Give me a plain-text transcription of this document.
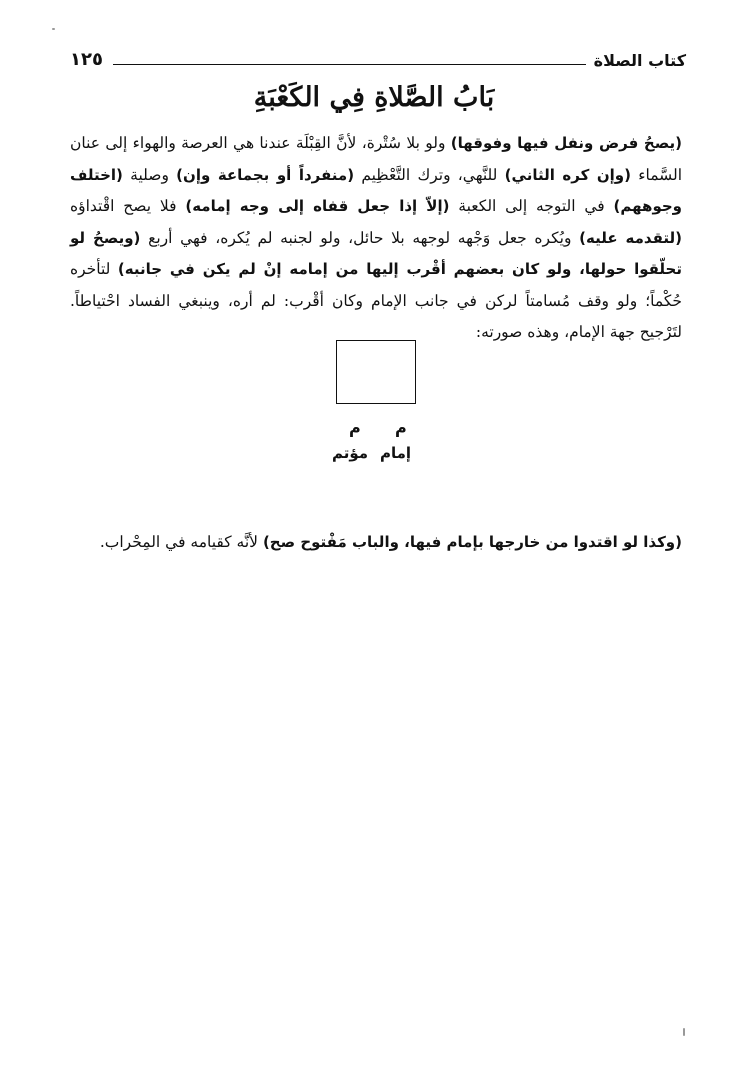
كتاب الصلاة
١٢٥
بَابُ الصَّلاةِ فِي الكَعْبَةِ
(يصحُ فرض ونفل فيها وفوقها) ولو بلا سُتْرة، لأنَّ القِبْلَة عندنا هي العرصة والهواء إلى عنان السَّماء (وإن كره الثاني) للنَّهي، وترك التَّعْظِيم (منفرداً أو بجماعة وإن) وصلية (اختلف وجوههم) في التوجه إلى الكعبة (إلاّ إذا جعل قفاه إلى وجه إمامه) فلا يصح اقْتداؤه (لتقدمه عليه) ويُكره جعل وَجْهه لوجهه بلا حائل، ولو لجنبه لم يُكره، فهي أربع (ويصحُ لو تحلّقوا حولها، ولو كان بعضهم أقْرب إليها من إمامه إنْ لم يكن في جانبه) لتأخره حُكْماً؛ ولو وقف مُسامتاً لركن في جانب الإمام وكان أقْرب: لم أره، وينبغي الفساد احْتياطاً. لتَرْجيح جهة الإمام، وهذه صورته:
م
م
إمام
مؤتم
(وكذا لو اقتدوا من خارجها بإمام فيها، والباب مَفْتوح صح) لأنَّه كقيامه في المِحْراب.
